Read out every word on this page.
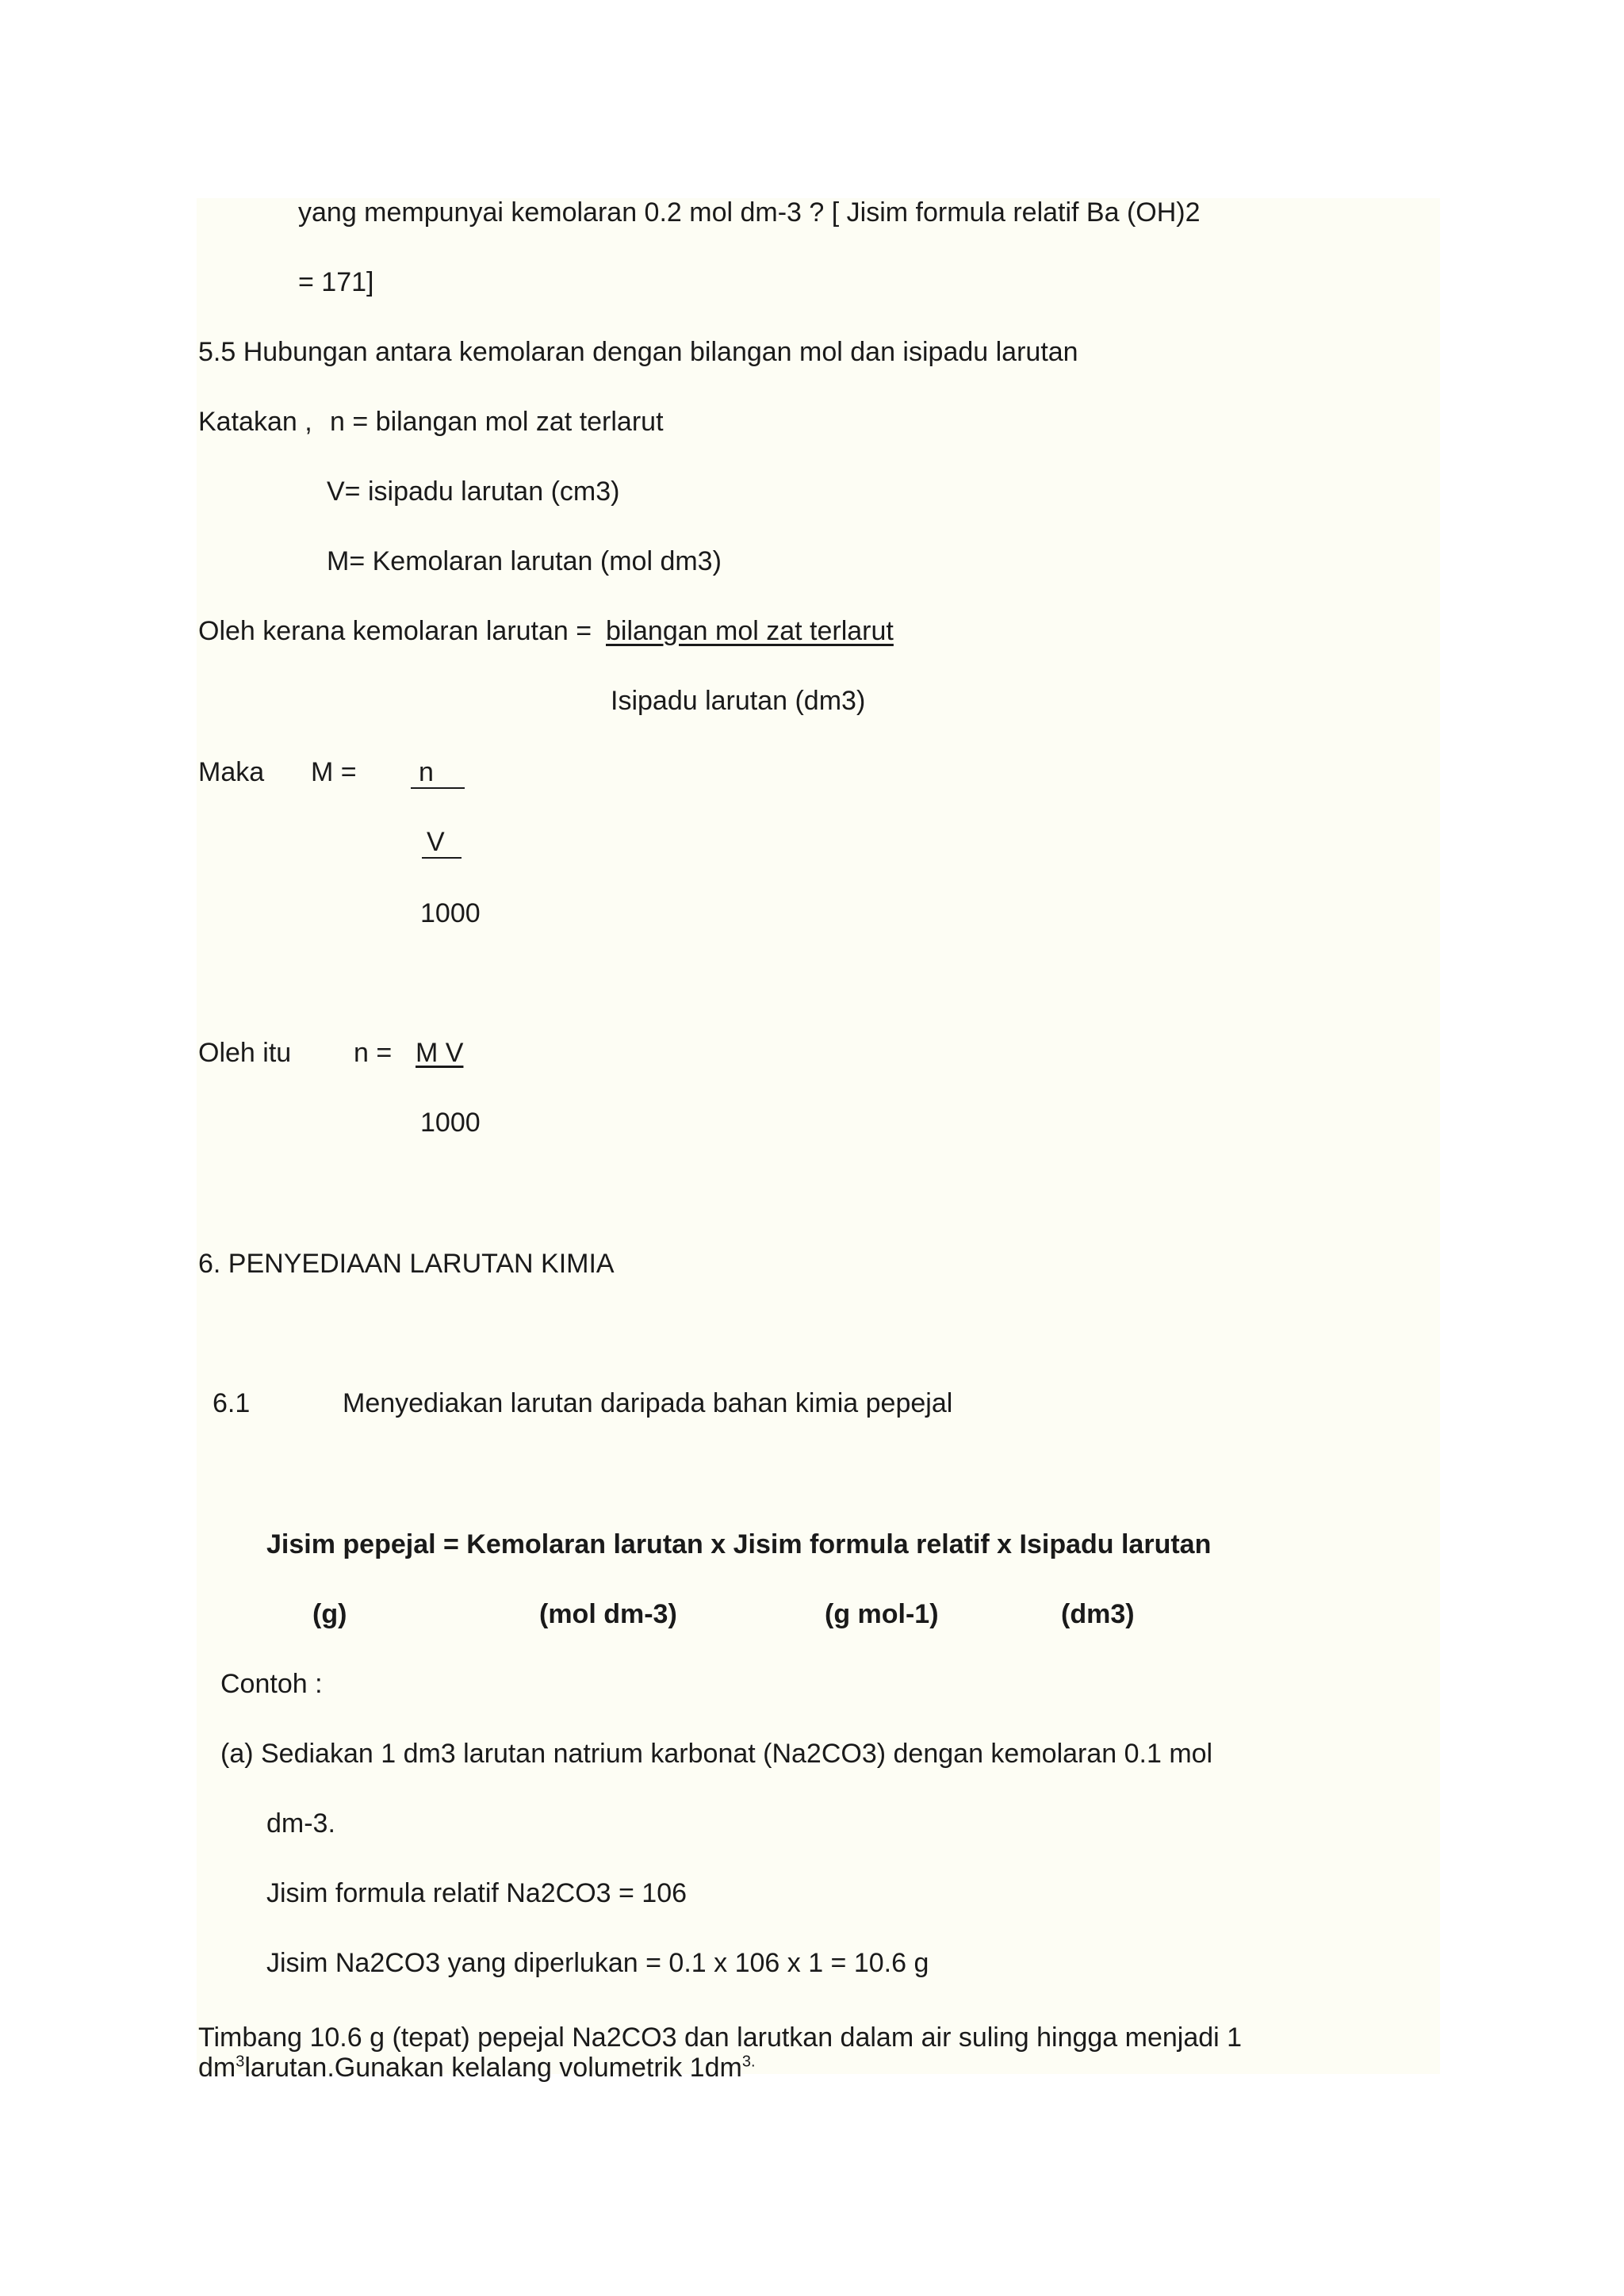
yang mempunyai kemolaran 0.2 mol dm-3 ? [ Jisim formula relatif Ba (OH)2
= 171]
5.5 Hubungan antara kemolaran dengan bilangan mol dan isipadu larutan
Katakan , n = bilangan mol zat terlarut
V= isipadu larutan (cm3)
M= Kemolaran larutan (mol dm3)
Oleh kerana kemolaran larutan = bilangan mol zat terlarut
Isipadu larutan (dm3)
Maka M = n
V
1000
Oleh itu n = M V
1000
6. PENYEDIAAN LARUTAN KIMIA
6.1	Menyediakan larutan daripada bahan kimia pepejal
Jisim pepejal = Kemolaran larutan x Jisim formula relatif x Isipadu larutan
(g)	(mol dm-3)	(g mol-1)	(dm3)
Contoh :
(a) Sediakan 1 dm3 larutan natrium karbonat (Na2CO3) dengan kemolaran 0.1 mol
dm-3.
Jisim formula relatif Na2CO3 = 106
Jisim Na2CO3 yang diperlukan = 0.1 x 106 x 1 = 10.6 g
Timbang 10.6 g (tepat) pepejal Na2CO3 dan larutkan dalam air suling hingga menjadi 1
$dm^3larutan.Gunakan$ kelalang volumetrik $1dm^{3.}$
